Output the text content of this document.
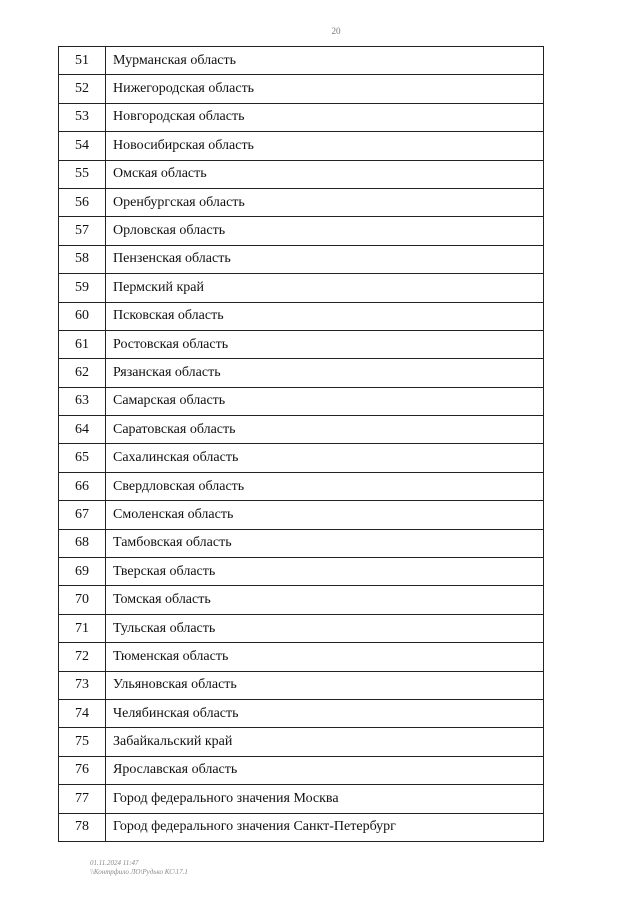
20
51	Мурманская область
52	Нижегородская область
53	Новгородская область
54	Новосибирская область
55	Омская область
56	Оренбургская область
57	Орловская область
58	Пензенская область
59	Пермский край
60	Псковская область
61	Ростовская область
62	Рязанская область
63	Самарская область
64	Саратовская область
65	Сахалинская область
66	Свердловская область
67	Смоленская область
68	Тамбовская область
69	Тверская область
70	Томская область
71	Тульская область
72	Тюменская область
73	Ульяновская область
74	Челябинская область
75	Забайкальский край
76	Ярославская область
77	Город федерального значения Москва
78	Город федерального значения Санкт-Петербург
01.11.2024 11:47
\\Контрфило ЛО\Рудько КС\17.1
